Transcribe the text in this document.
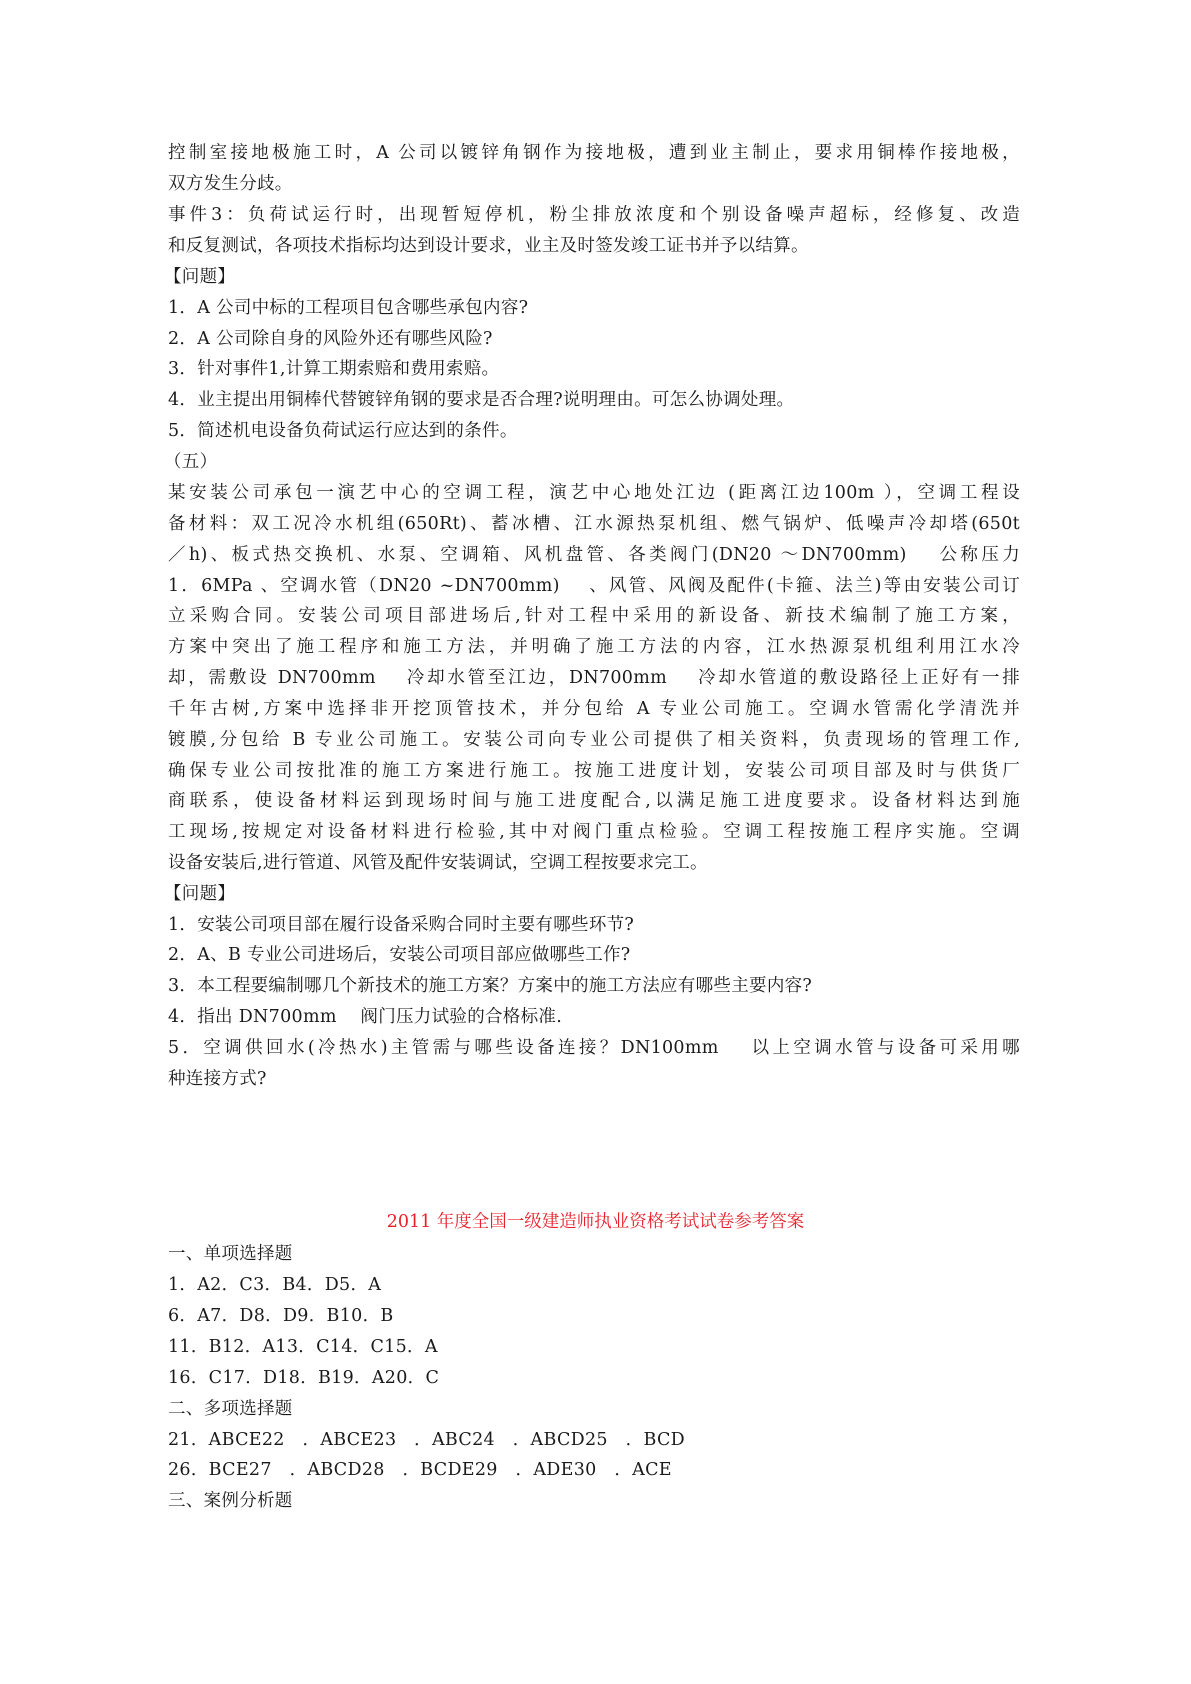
控制室接地极施工时，A 公司以镀锌角钢作为接地极，遭到业主制止，要求用铜棒作接地极，
双方发生分歧。
事件3：负荷试运行时，出现暂短停机，粉尘排放浓度和个别设备噪声超标，经修复、改造
和反复测试，各项技术指标均达到设计要求，业主及时签发竣工证书并予以结算。
【问题】
1．A 公司中标的工程项目包含哪些承包内容?
2．A 公司除自身的风险外还有哪些风险?
3．针对事件1,计算工期索赔和费用索赔。
4．业主提出用铜棒代替镀锌角钢的要求是否合理?说明理由。可怎么协调处理。
5．简述机电设备负荷试运行应达到的条件。
（五）
某安装公司承包一演艺中心的空调工程，演艺中心地处江边 (距离江边100m ），空调工程设
备材料：双工况冷水机组(650Rt)、蓄冰槽、江水源热泵机组、燃气锅炉、低噪声冷却塔(650t
／h)、板式热交换机、水泵、空调箱、风机盘管、各类阀门(DN20 ～DN700mm)　 公称压力
1．6MPa 、空调水管（DN20 ~DN700mm)　 、风管、风阀及配件(卡箍、法兰)等由安装公司订
立采购合同。安装公司项目部进场后,针对工程中采用的新设备、新技术编制了施工方案，
方案中突出了施工程序和施工方法，并明确了施工方法的内容，江水热源泵机组利用江水冷
却，需敷设 DN700mm　 冷却水管至江边，DN700mm　 冷却水管道的敷设路径上正好有一排
千年古树,方案中选择非开挖顶管技术，并分包给 A 专业公司施工。空调水管需化学清洗并
镀膜,分包给 B 专业公司施工。安装公司向专业公司提供了相关资料，负责现场的管理工作,
确保专业公司按批准的施工方案进行施工。按施工进度计划，安装公司项目部及时与供货厂
商联系，使设备材料运到现场时间与施工进度配合,以满足施工进度要求。设备材料达到施
工现场,按规定对设备材料进行检验,其中对阀门重点检验。空调工程按施工程序实施。空调
设备安装后,进行管道、风管及配件安装调试，空调工程按要求完工。
【问题】
1．安装公司项目部在履行设备采购合同时主要有哪些环节?
2．A、B 专业公司进场后，安装公司项目部应做哪些工作?
3．本工程要编制哪几个新技术的施工方案？方案中的施工方法应有哪些主要内容?
4．指出 DN700mm　 阀门压力试验的合格标准.
5．空调供回水(冷热水)主管需与哪些设备连接？DN100mm　 以上空调水管与设备可采用哪
种连接方式?
2011 年度全国一级建造师执业资格考试试卷参考答案
一、单项选择题
1．A2．C3．B4．D5．A
6．A7．D8．D9．B10．B
11．B12．A13．C14．C15．A
16．C17．D18．B19．A20．C
二、多项选择题
21．ABCE22　．ABCE23　．ABC24　．ABCD25　．BCD
26．BCE27　．ABCD28　．BCDE29　．ADE30　．ACE
三、案例分析题
